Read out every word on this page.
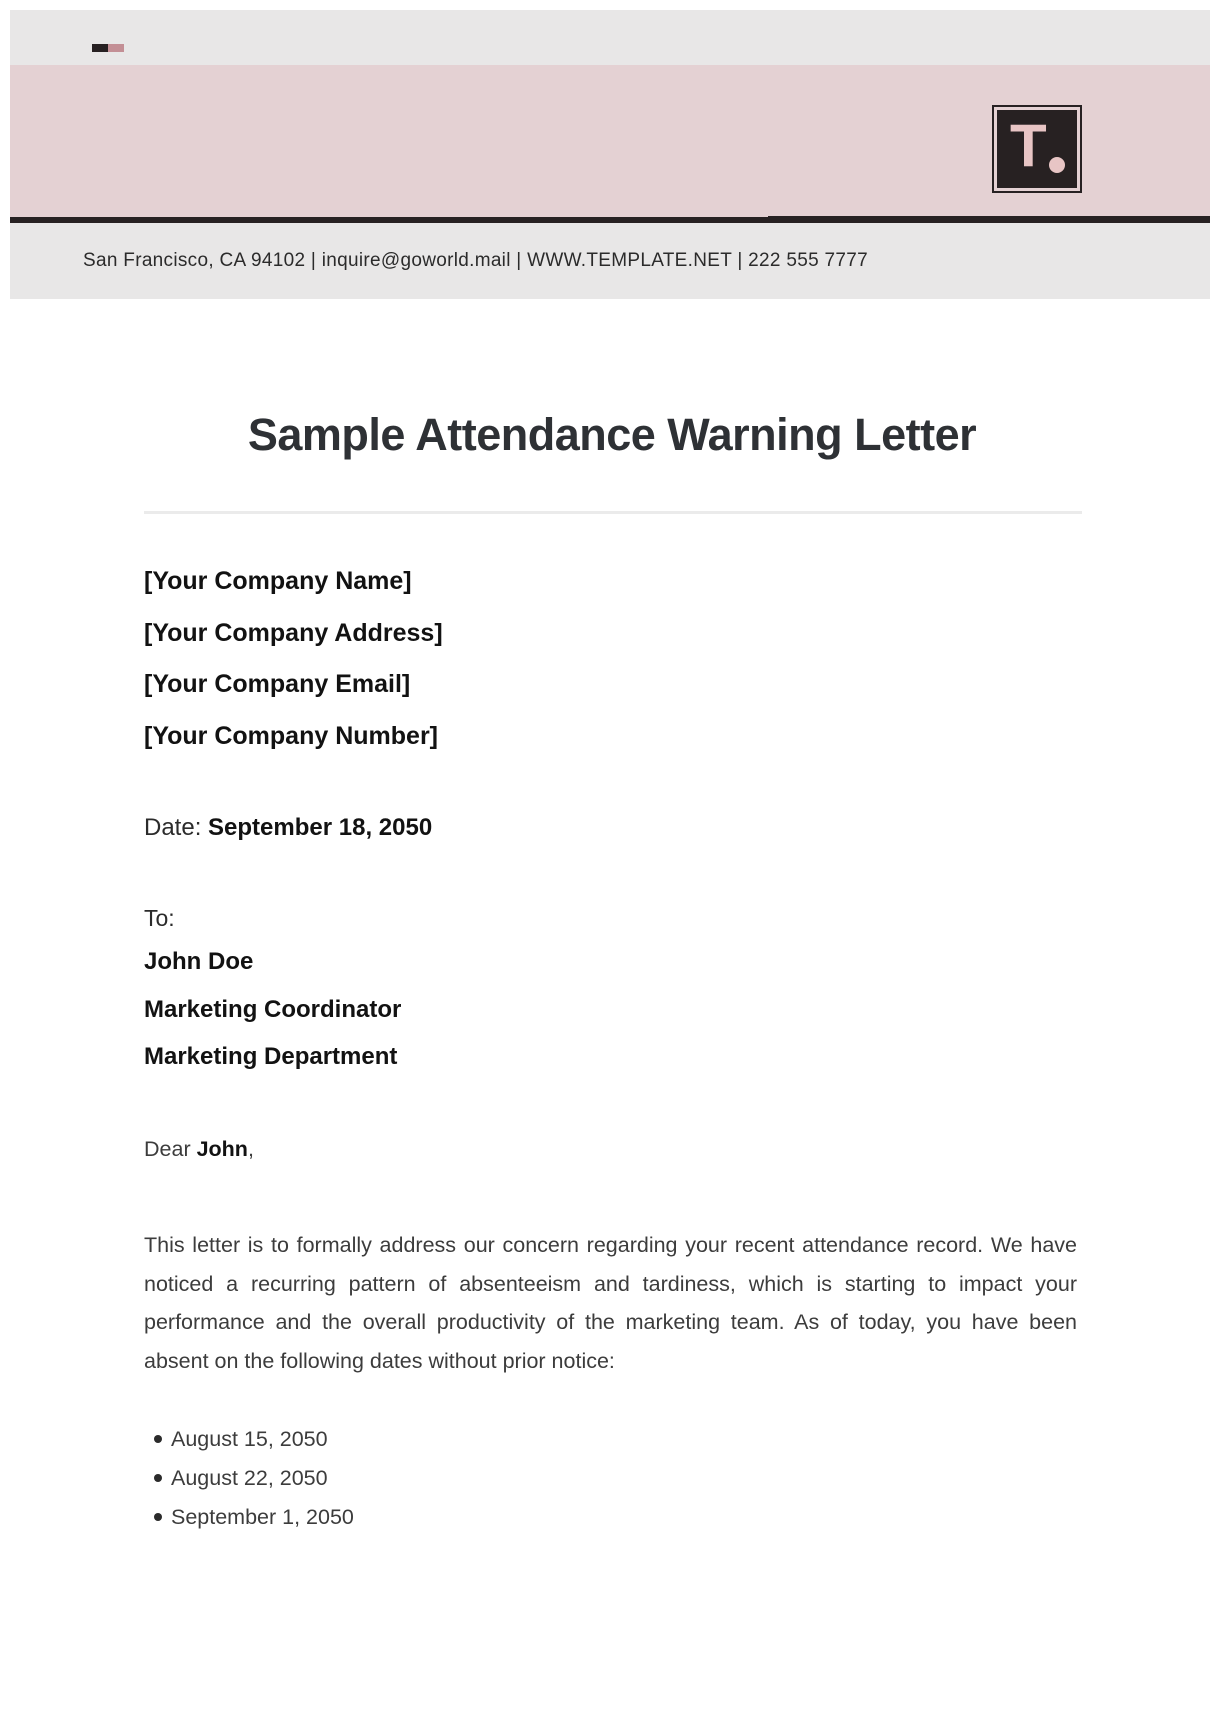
T
San Francisco, CA 94102 | inquire@goworld.mail | WWW.TEMPLATE.NET | 222 555 7777
Sample Attendance Warning Letter
[Your Company Name]
[Your Company Address]
[Your Company Email]
[Your Company Number]
Date: September 18, 2050
To:
John Doe
Marketing Coordinator
Marketing Department
Dear John,

This letter is to formally address our concern regarding your recent attendance record. We have noticed a recurring pattern of absenteeism and tardiness, which is starting to impact your performance and the overall productivity of the marketing team. As of today, you have been absent on the following dates without prior notice:

August 15, 2050
August 22, 2050
September 1, 2050
